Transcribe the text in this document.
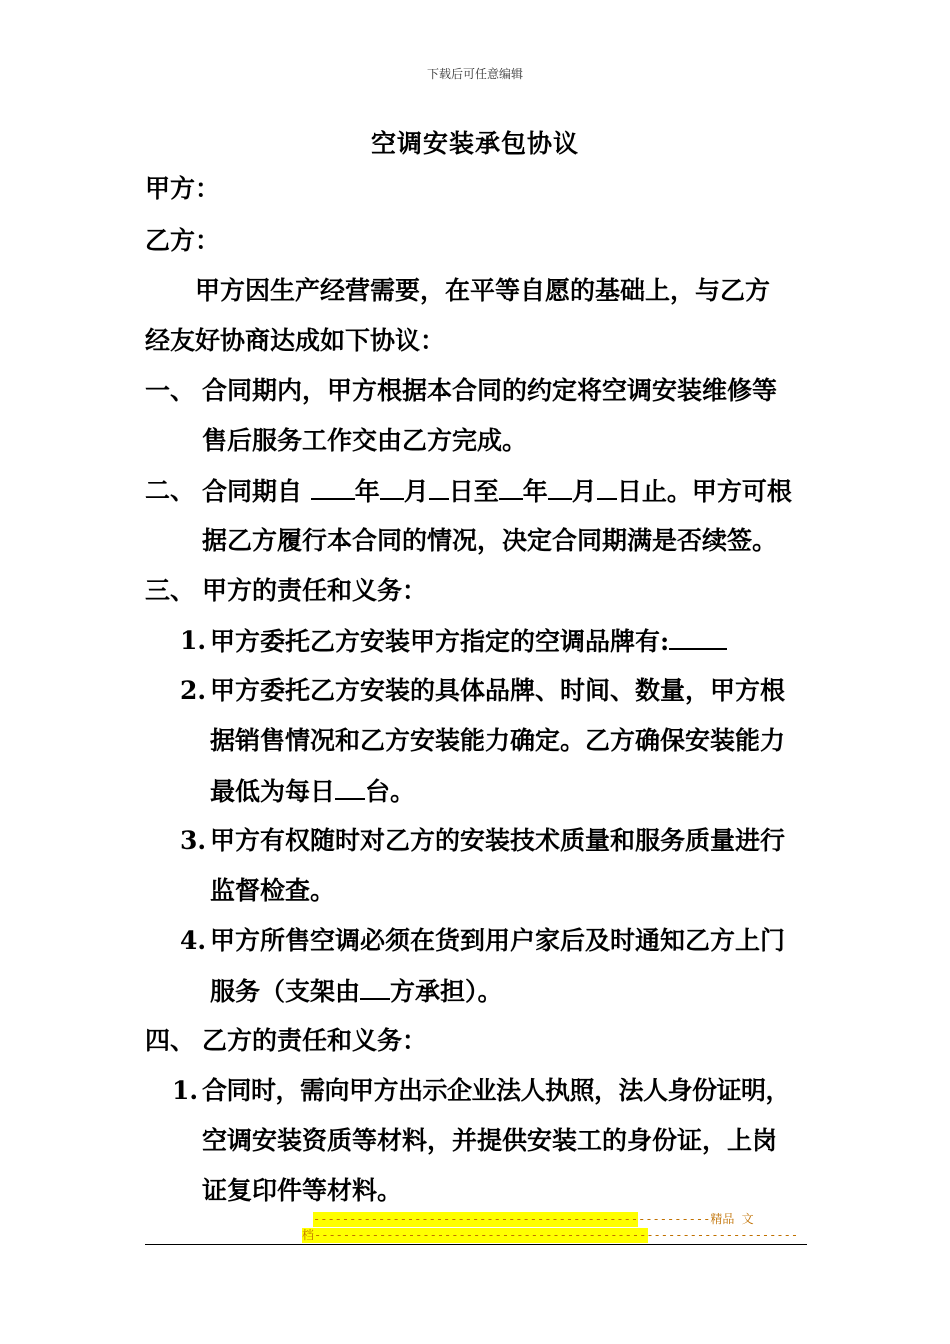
下载后可任意编辑
空调安装承包协议
甲方：
乙方：
甲方因生产经营需要，在平等自愿的基础上，与乙方
经友好协商达成如下协议：
一、 合同期内，甲方根据本合同的约定将空调安装维修等
售后服务工作交由乙方完成。
二、 合同期自 年 月 日至 年 月 日止。甲方可根
据乙方履行本合同的情况，决定合同期满是否续签。
三、 甲方的责任和义务：
1. 甲方委托乙方安装甲方指定的空调品牌有:
2. 甲方委托乙方安装的具体品牌、时间、数量，甲方根
据销售情况和乙方安装能力确定。乙方确保安装能力
最低为每日 台。
3. 甲方有权随时对乙方的安装技术质量和服务质量进行
监督检查。
4. 甲方所售空调必须在货到用户家后及时通知乙方上门
服务（支架由 方承担）。
四、 乙方的责任和义务：
1. 合同时，需向甲方出示企业法人执照，法人身份证明，
空调安装资质等材料，并提供安装工的身份证，上岗
证复印件等材料。
-------------------------------------------------------精品 文
档-------------------------------------------------------------------
